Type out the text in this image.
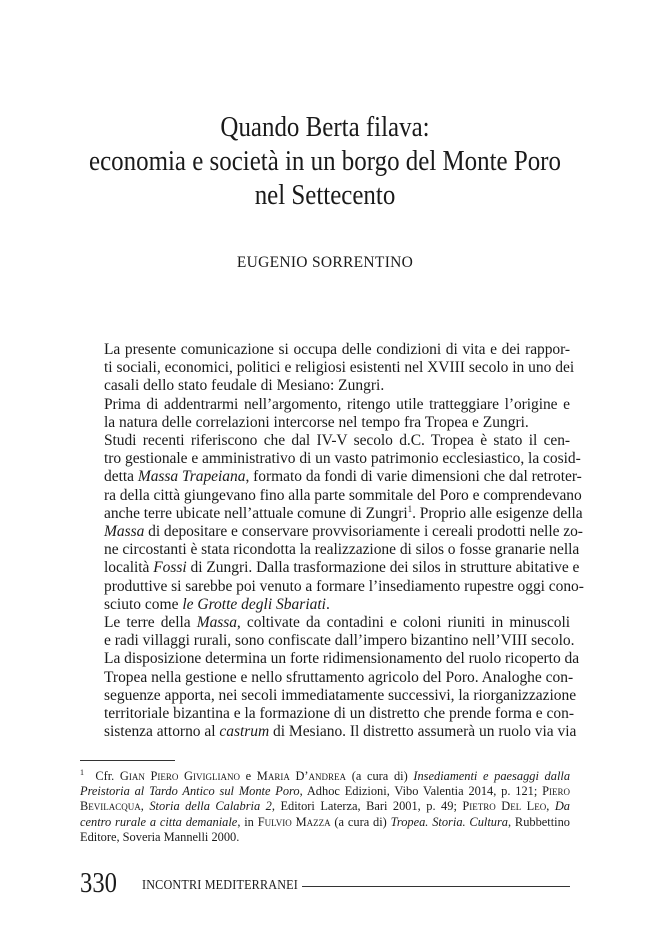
Quando Berta filava:
economia e società in un borgo del Monte Poro
nel Settecento
EUGENIO SORRENTINO

La presente comunicazione si occupa delle condizioni di vita e dei rappor-
ti sociali, economici, politici e religiosi esistenti nel XVIII secolo in uno dei
casali dello stato feudale di Mesiano: Zungri.

Prima di addentrarmi nell’argomento, ritengo utile tratteggiare l’origine e
la natura delle correlazioni intercorse nel tempo fra Tropea e Zungri.

Studi recenti riferiscono che dal IV-V secolo d.C. Tropea è stato il cen-
tro gestionale e amministrativo di un vasto patrimonio ecclesiastico, la cosid-
detta Massa Trapeiana, formato da fondi di varie dimensioni che dal retroter-
ra della città giungevano fino alla parte sommitale del Poro e comprendevano
anche terre ubicate nell’attuale comune di Zungri$^1$. Proprio alle esigenze della
Massa di depositare e conservare provvisoriamente i cereali prodotti nelle zo-
ne circostanti è stata ricondotta la realizzazione di silos o fosse granarie nella
località Fossi di Zungri. Dalla trasformazione dei silos in strutture abitative e
produttive si sarebbe poi venuto a formare l’insediamento rupestre oggi cono-
sciuto come le Grotte degli Sbariati.

Le terre della Massa, coltivate da contadini e coloni riuniti in minuscoli
e radi villaggi rurali, sono confiscate dall’impero bizantino nell’VIII secolo.
La disposizione determina un forte ridimensionamento del ruolo ricoperto da
Tropea nella gestione e nello sfruttamento agricolo del Poro. Analoghe con-
seguenze apporta, nei secoli immediatamente successivi, la riorganizzazione
territoriale bizantina e la formazione di un distretto che prende forma e con-
sistenza attorno al castrum di Mesiano. Il distretto assumerà un ruolo via via

$^1$ Cfr. Gian Piero Givigliano e Maria D’andrea (a cura di) Insediamenti e paesaggi dalla
Preistoria al Tardo Antico sul Monte Poro, Adhoc Edizioni, Vibo Valentia 2014, p. 121; Piero
Bevilacqua, Storia della Calabria 2, Editori Laterza, Bari 2001, p. 49; Pietro Del Leo, Da
centro rurale a citta demaniale, in Fulvio Mazza (a cura di) Tropea. Storia. Cultura, Rubbettino
Editore, Soveria Mannelli 2000.
330 INCONTRI MEDITERRANEI
